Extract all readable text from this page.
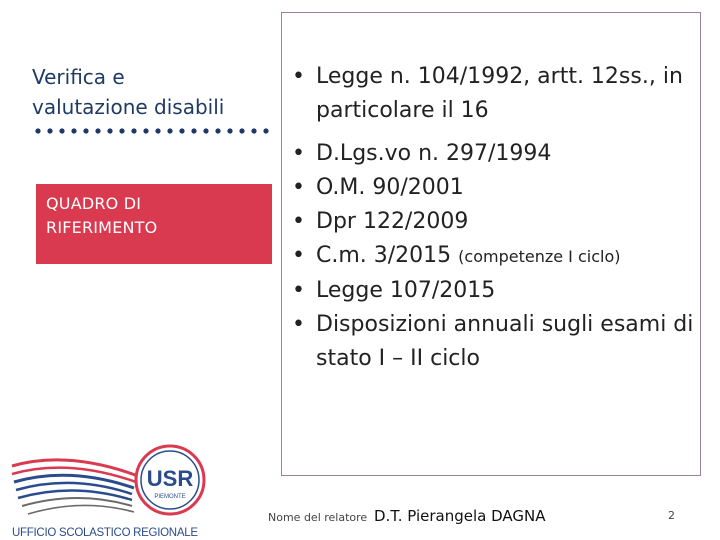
Verifica e
valutazione disabili
QUADRO DI
RIFERIMENTO
• Legge n. 104/1992, artt. 12ss., in particolare il 16
• D.Lgs.vo n. 297/1994
• O.M. 90/2001
• Dpr 122/2009
• C.m. 3/2015 (competenze I ciclo)
• Legge 107/2015
• Disposizioni annuali sugli esami di stato I – II ciclo
USR
PIEMONTE
UFFICIO SCOLASTICO REGIONALE
Nome del relatore D.T. Pierangela DAGNA	2
